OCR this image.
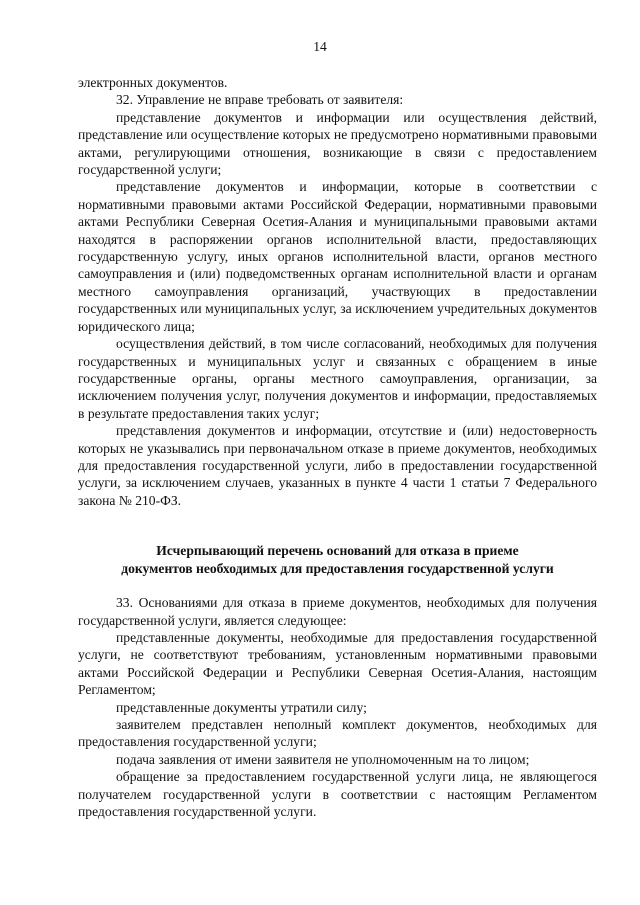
14

электронных документов.

32. Управление не вправе требовать от заявителя:

представление документов и информации или осуществления действий, представление или осуществление которых не предусмотрено нормативными правовыми актами, регулирующими отношения, возникающие в связи с предоставлением государственной услуги;

представление документов и информации, которые в соответствии с нормативными правовыми актами Российской Федерации, нормативными правовыми актами Республики Северная Осетия-Алания и муниципальными правовыми актами находятся в распоряжении органов исполнительной власти, предоставляющих государственную услугу, иных органов исполнительной власти, органов местного самоуправления и (или) подведомственных органам исполнительной власти и органам местного самоуправления организаций, участвующих в предоставлении государственных или муниципальных услуг, за исключением учредительных документов юридического лица;

осуществления действий, в том числе согласований, необходимых для получения государственных и муниципальных услуг и связанных с обращением в иные государственные органы, органы местного самоуправления, организации, за исключением получения услуг, получения документов и информации, предоставляемых в результате предоставления таких услуг;

представления документов и информации, отсутствие и (или) недостоверность которых не указывались при первоначальном отказе в приеме документов, необходимых для предоставления государственной услуги, либо в предоставлении государственной услуги, за исключением случаев, указанных в пункте 4 части 1 статьи 7 Федерального закона № 210-ФЗ.

Исчерпывающий перечень оснований для отказа в приеме
документов необходимых для предоставления государственной услуги

33. Основаниями для отказа в приеме документов, необходимых для получения государственной услуги, является следующее:

представленные документы, необходимые для предоставления государственной услуги, не соответствуют требованиям, установленным нормативными правовыми актами Российской Федерации и Республики Северная Осетия-Алания, настоящим Регламентом;

представленные документы утратили силу;

заявителем представлен неполный комплект документов, необходимых для предоставления государственной услуги;

подача заявления от имени заявителя не уполномоченным на то лицом;

обращение за предоставлением государственной услуги лица, не являющегося получателем государственной услуги в соответствии с настоящим Регламентом предоставления государственной услуги.
